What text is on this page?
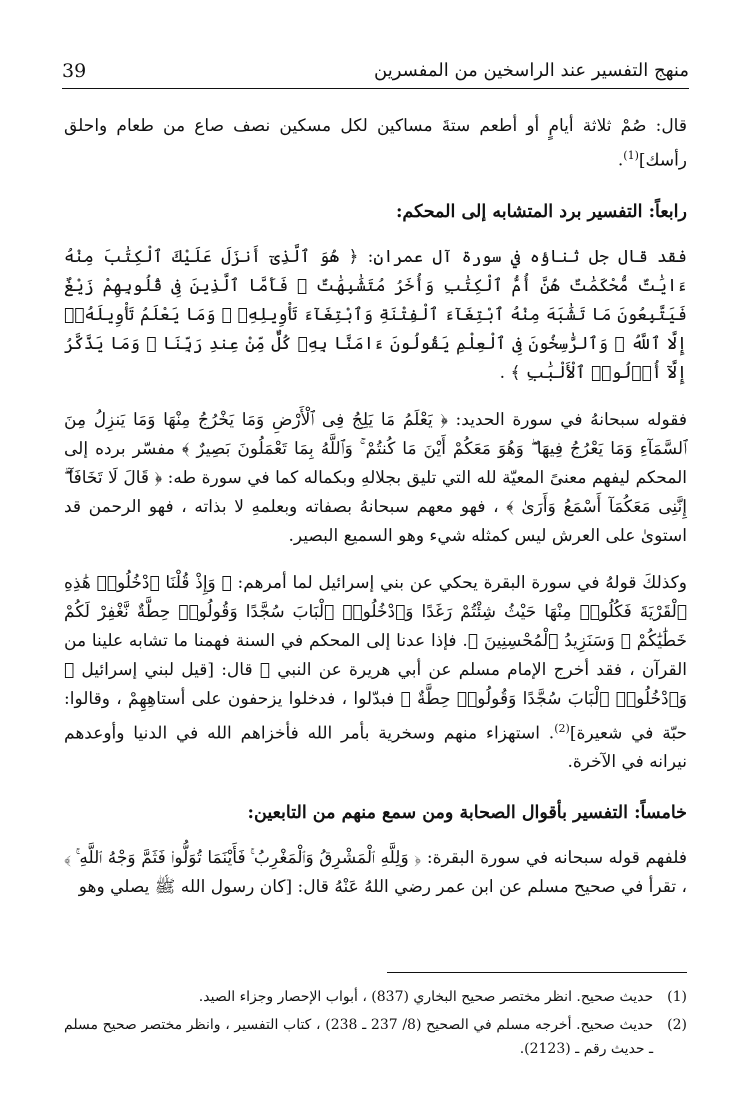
39	منهج التفسير عند الراسخين من المفسرين

قال: صُمْ ثلاثة أيامٍ أو أطعم ستةَ مساكين لكل مسكين نصف صاع من طعام واحلق رأسك]$^{(1)}$.

رابعاً: التفسير برد المتشابه إلى المحكم:

فقد قال جل ثناؤه في سورة آل عمران: ﴿ هُوَ ٱلَّذِىٓ أَنزَلَ عَلَيْكَ ٱلْكِتَٰبَ مِنْهُ ءَايَٰتٌ مُّحْكَمَٰتٌ هُنَّ أُمُّ ٱلْكِتَٰبِ وَأُخَرُ مُتَشَٰبِهَٰتٌ ۖ فَأَمَّا ٱلَّذِينَ فِى قُلُوبِهِمْ زَيْغٌ فَيَتَّبِعُونَ مَا تَشَٰبَهَ مِنْهُ ٱبْتِغَآءَ ٱلْفِتْنَةِ وَٱبْتِغَآءَ تَأْوِيلِهِۦ ۗ وَمَا يَعْلَمُ تَأْوِيلَهُۥٓ إِلَّا ٱللَّهُ ۗ وَٱلرَّٰسِخُونَ فِى ٱلْعِلْمِ يَقُولُونَ ءَامَنَّا بِهِۦ كُلٌّ مِّنْ عِندِ رَبِّنَا ۗ وَمَا يَذَّكَّرُ إِلَّآ أُو۟لُوا۟ ٱلْأَلْبَٰبِ ﴾ .

فقوله سبحانهُ في سورة الحديد: ﴿ يَعْلَمُ مَا يَلِجُ فِى ٱلْأَرْضِ وَمَا يَخْرُجُ مِنْهَا وَمَا يَنزِلُ مِنَ ٱلسَّمَآءِ وَمَا يَعْرُجُ فِيهَا ۖ وَهُوَ مَعَكُمْ أَيْنَ مَا كُنتُمْ ۚ وَٱللَّهُ بِمَا تَعْمَلُونَ بَصِيرٌ ﴾ مفسّر برده إلى المحكم ليفهم معنىً المعيّة لله التي تليق بجلالهِ وبكماله كما في سورة طه: ﴿ قَالَ لَا تَخَافَآ ۖ إِنَّنِى مَعَكُمَآ أَسْمَعُ وَأَرَىٰ ﴾ ، فهو معهم سبحانهُ بصفاته وبعلمهِ لا بذاته ، فهو الرحمن قد استوىٰ على العرش ليس كمثله شيء وهو السميع البصير.

وكذلكَ قولهُ في سورة البقرة يحكي عن بني إسرائيل لما أمرهم: ﴿ وَإِذْ قُلْنَا ٱدْخُلُوا۟ هَٰذِهِ ٱلْقَرْيَةَ فَكُلُوا۟ مِنْهَا حَيْثُ شِئْتُمْ رَغَدًا وَٱدْخُلُوا۟ ٱلْبَابَ سُجَّدًا وَقُولُوا۟ حِطَّةٌ نَّغْفِرْ لَكُمْ خَطَٰيَٰكُمْ ۚ وَسَنَزِيدُ ٱلْمُحْسِنِينَ ﴾. فإذا عدنا إلى المحكم في السنة فهمنا ما تشابه علينا من القرآن ، فقد أخرج الإمام مسلم عن أبي هريرة عن النبي ﷺ قال: [قيل لبني إسرائيل ﴿ وَٱدْخُلُوا۟ ٱلْبَابَ سُجَّدًا وَقُولُوا۟ حِطَّةٌ ﴾ فبدّلوا ، فدخلوا يزحفون على أستاهِهِمْ ، وقالوا: حبّة في شعيرة]$^{(2)}$. استهزاء منهم وسخرية بأمر الله فأخزاهم الله في الدنيا وأوعدهم نيرانه في الآخرة.

خامساً: التفسير بأقوال الصحابة ومن سمع منهم من التابعين:

فلفهم قوله سبحانه في سورة البقرة: ﴿ وَلِلَّهِ ٱلْمَشْرِقُ وَٱلْمَغْرِبُ ۚ فَأَيْنَمَا تُوَلُّوا۟ فَثَمَّ وَجْهُ ٱللَّهِ ۚ ﴾ ، تقرأ في صحيح مسلم عن ابن عمر رضي اللهُ عَنْهُ قال: [كان رسول الله ﷺ يصلي وهو

(1)
حديث صحيح. انظر مختصر صحيح البخاري (837) ، أبواب الإحصار وجزاء الصيد.
(2)
حديث صحيح. أخرجه مسلم في الصحيح (8/ 237 ـ 238) ، كتاب التفسير ، وانظر مختصر صحيح مسلم ـ حديث رقم ـ (2123).
